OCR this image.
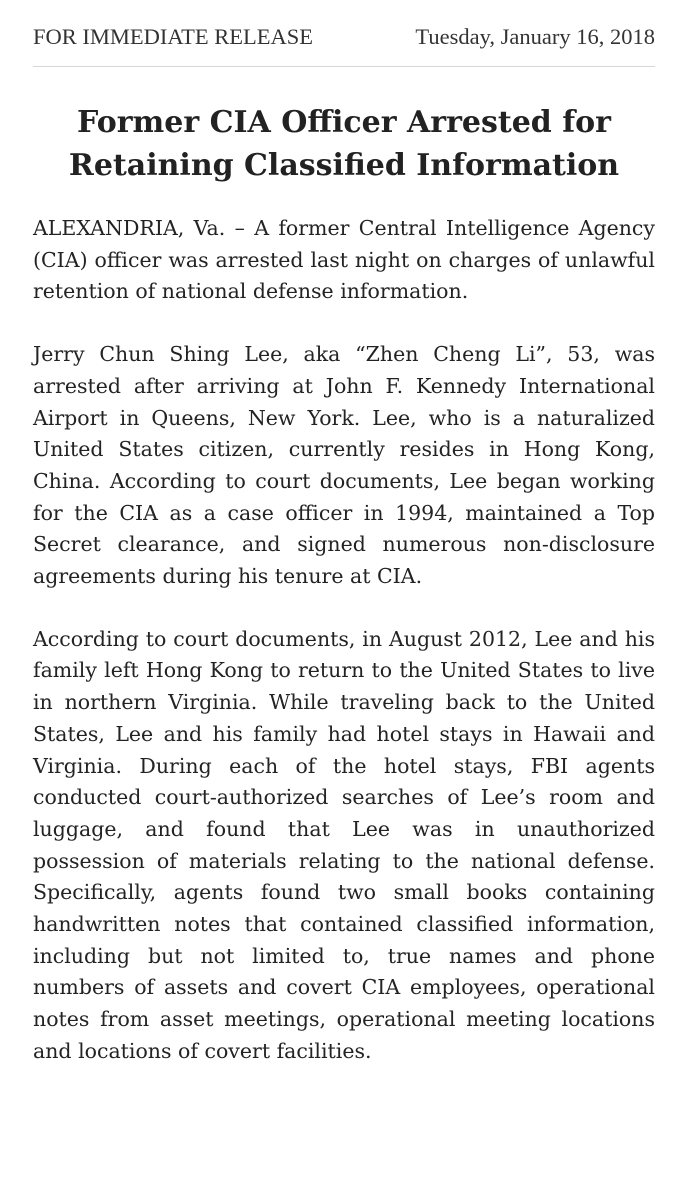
FOR IMMEDIATE RELEASE	Tuesday, January 16, 2018
Former CIA Officer Arrested for Retaining Classified Information

ALEXANDRIA, Va. – A former Central Intelligence Agency (CIA) officer was arrested last night on charges of unlawful retention of national defense information.

Jerry Chun Shing Lee, aka “Zhen Cheng Li”, 53, was arrested after arriving at John F. Kennedy International Airport in Queens, New York. Lee, who is a naturalized United States citizen, currently resides in Hong Kong, China. According to court documents, Lee began working for the CIA as a case officer in 1994, maintained a Top Secret clearance, and signed numerous non-disclosure agreements during his tenure at CIA.

According to court documents, in August 2012, Lee and his family left Hong Kong to return to the United States to live in northern Virginia. While traveling back to the United States, Lee and his family had hotel stays in Hawaii and Virginia. During each of the hotel stays, FBI agents conducted court-authorized searches of Lee’s room and luggage, and found that Lee was in unauthorized possession of materials relating to the national defense. Specifically, agents found two small books containing handwritten notes that contained classified information, including but not limited to, true names and phone numbers of assets and covert CIA employees, operational notes from asset meetings, operational meeting locations and locations of covert facilities.
